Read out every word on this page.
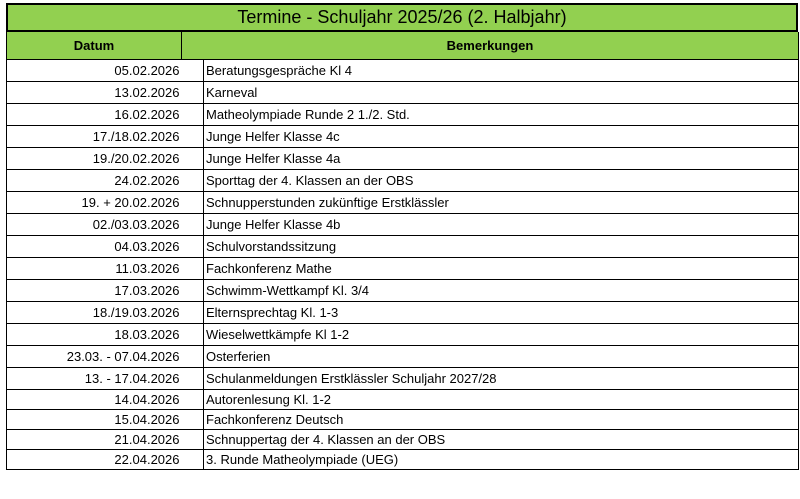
Termine - Schuljahr 2025/26 (2. Halbjahr)
Datum	Bemerkungen	
05.02.2026		Beratungsgespräche Kl 4
13.02.2026		Karneval
16.02.2026		Matheolympiade Runde 2 1./2. Std.
17./18.02.2026		Junge Helfer Klasse 4c
19./20.02.2026		Junge Helfer Klasse 4a
24.02.2026		Sporttag der 4. Klassen an der OBS
19. + 20.02.2026		Schnupperstunden zukünftige Erstklässler
02./03.03.2026		Junge Helfer Klasse 4b
04.03.2026		Schulvorstandssitzung
11.03.2026		Fachkonferenz Mathe
17.03.2026		Schwimm-Wettkampf Kl. 3/4
18./19.03.2026		Elternsprechtag Kl. 1-3
18.03.2026		Wieselwettkämpfe Kl 1-2
23.03. - 07.04.2026		Osterferien
13. - 17.04.2026		Schulanmeldungen Erstklässler Schuljahr 2027/28
14.04.2026		Autorenlesung Kl. 1-2
15.04.2026		Fachkonferenz Deutsch
21.04.2026		Schnuppertag der 4. Klassen an der OBS
22.04.2026		3. Runde Matheolympiade (UEG)
